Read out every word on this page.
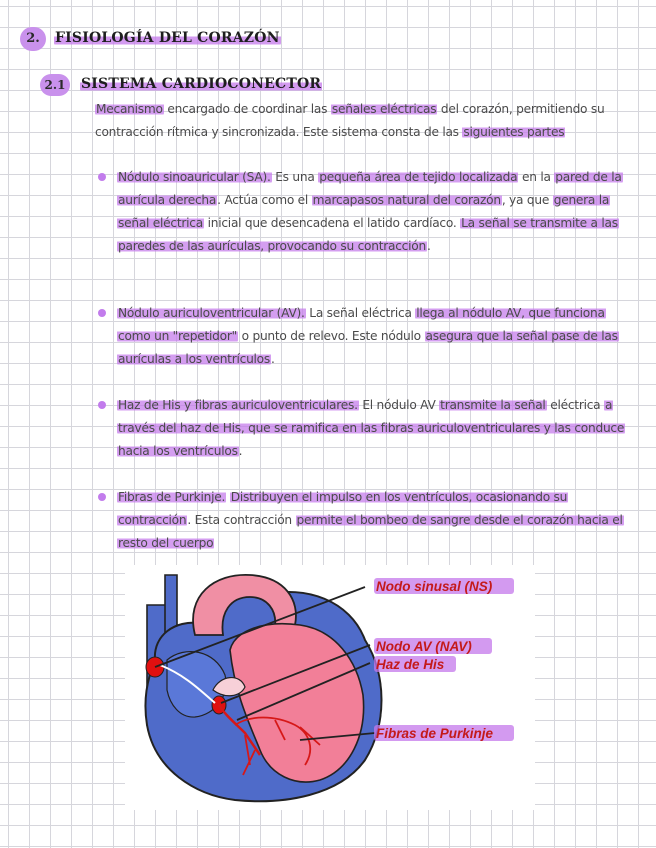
2.	FISIOLOGÍA DEL CORAZÓN
2.1	SISTEMA CARDIOCONECTOR
Mecanismo encargado de coordinar las señales eléctricas del corazón, permitiendo su contracción rítmica y sincronizada. Este sistema consta de las siguientes partes
Nódulo sinoauricular (SA). Es una pequeña área de tejido localizada en la pared de la aurícula derecha. Actúa como el marcapasos natural del corazón, ya que genera la señal eléctrica inicial que desencadena el latido cardíaco. La señal se transmite a las paredes de las aurículas, provocando su contracción.
Nódulo auriculoventricular (AV). La señal eléctrica llega al nódulo AV, que funciona como un "repetidor" o punto de relevo. Este nódulo asegura que la señal pase de las aurículas a los ventrículos.
Haz de His y fibras auriculoventriculares. El nódulo AV transmite la señal eléctrica a través del haz de His, que se ramifica en las fibras auriculoventriculares y las conduce hacia los ventrículos.
Fibras de Purkinje. Distribuyen el impulso en los ventrículos, ocasionando su contracción. Esta contracción permite el bombeo de sangre desde el corazón hacia el resto del cuerpo
Nodo sinusal (NS)
Nodo AV (NAV)
Haz de His
Fibras de Purkinje
